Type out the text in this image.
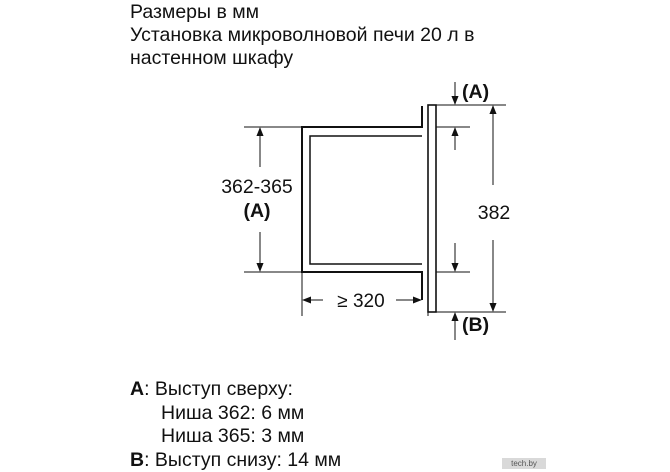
Размеры в мм
Установка микроволновой печи 20 л в
настенном шкафу
362-365
(A)
≥ 320
(A)
(B)
382
A: Выступ сверху:
Ниша 362: 6 мм
Ниша 365: 3 мм
B: Выступ снизу: 14 мм	tech.by
